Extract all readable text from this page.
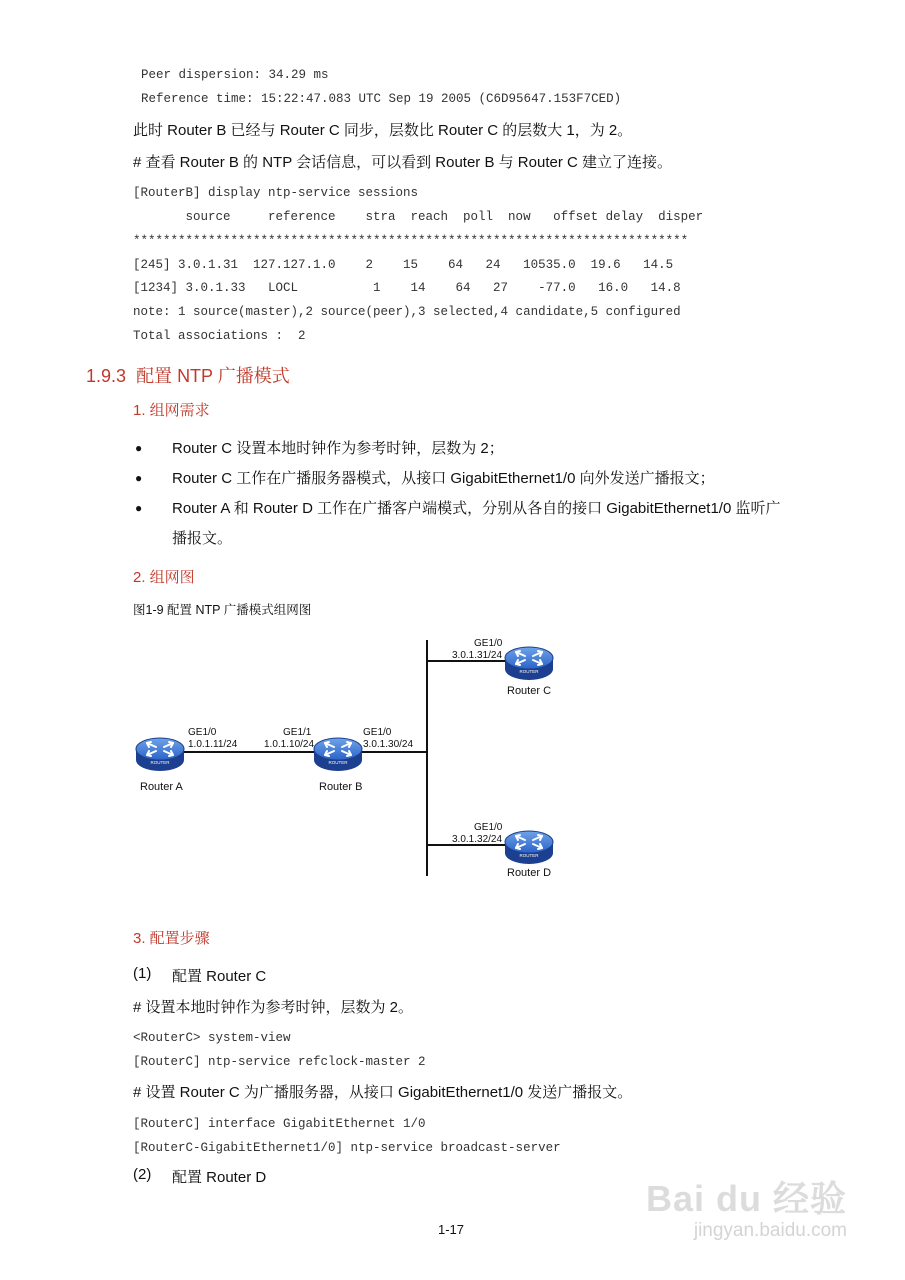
Peer dispersion: 34.29 ms
Reference time: 15:22:47.083 UTC Sep 19 2005 (C6D95647.153F7CED)
此时 Router B 已经与 Router C 同步，层数比 Router C 的层数大 1，为 2。
# 查看 Router B 的 NTP 会话信息，可以看到 Router B 与 Router C 建立了连接。
[RouterB] display ntp-service sessions
source     reference    stra  reach  poll  now   offset delay  disper
**************************************************************************
[245] 3.0.1.31  127.127.1.0    2    15    64   24   10535.0  19.6   14.5
[1234] 3.0.1.33   LOCL          1    14    64   27    -77.0   16.0   14.8
note: 1 source(master),2 source(peer),3 selected,4 candidate,5 configured
Total associations :  2
1.9.3 配置 NTP 广播模式
1. 组网需求
● Router C 设置本地时钟作为参考时钟，层数为 2；
● Router C 工作在广播服务器模式，从接口 GigabitEthernet1/0 向外发送广播报文；
● Router A 和 Router D 工作在广播客户端模式，分别从各自的接口 GigabitEthernet1/0 监听广
播报文。
2. 组网图
图1-9 配置 NTP 广播模式组网图
ROUTER	ROUTER
ROUTER
ROUTER
GE1/0
1.0.1.11/24
GE1/1
1.0.1.10/24
GE1/0
3.0.1.30/24
GE1/0
3.0.1.31/24
GE1/0
3.0.1.32/24
Router A	Router B
Router C
Router D
3. 配置步骤
(1) 配置 Router C
# 设置本地时钟作为参考时钟，层数为 2。
<RouterC> system-view
[RouterC] ntp-service refclock-master 2
# 设置 Router C 为广播服务器，从接口 GigabitEthernet1/0 发送广播报文。
[RouterC] interface GigabitEthernet 1/0
[RouterC-GigabitEthernet1/0] ntp-service broadcast-server
(2) 配置 Router D
1-17
Bai du 经验
jingyan.baidu.com
